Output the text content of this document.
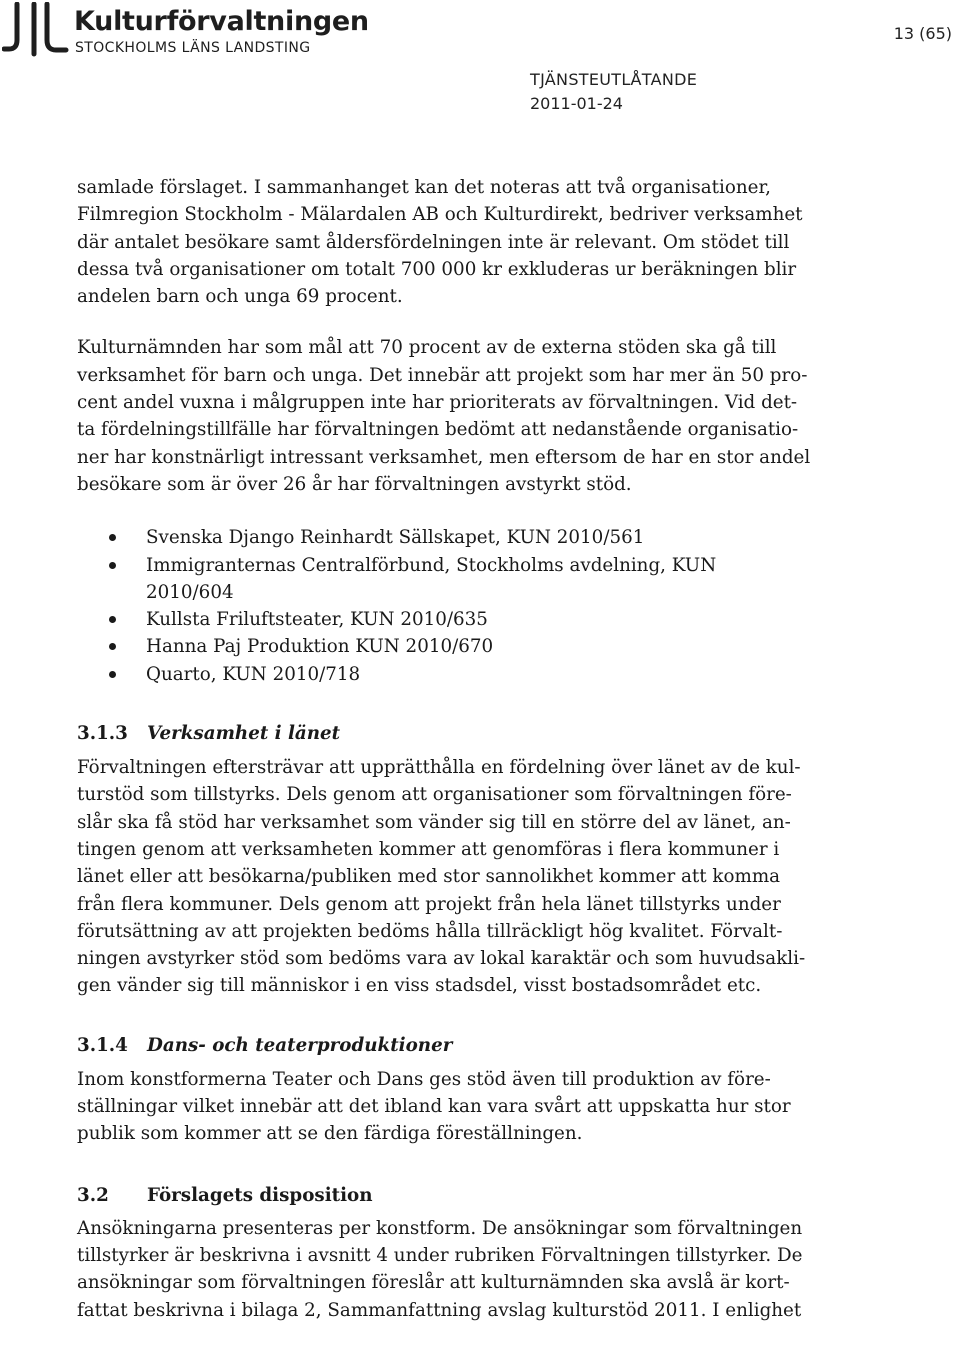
Kulturförvaltningen
STOCKHOLMS LÄNS LANDSTING
13 (65)
TJÄNSTEUTLÅTANDE
2011-01-24

samlade förslaget. I sammanhanget kan det noteras att två organisationer,
Filmregion Stockholm - Mälardalen AB och Kulturdirekt, bedriver verksamhet
där antalet besökare samt åldersfördelningen inte är relevant. Om stödet till
dessa två organisationer om totalt 700 000 kr exkluderas ur beräkningen blir
andelen barn och unga 69 procent.

Kulturnämnden har som mål att 70 procent av de externa stöden ska gå till
verksamhet för barn och unga. Det innebär att projekt som har mer än 50 pro-
cent andel vuxna i målgruppen inte har prioriterats av förvaltningen. Vid det-
ta fördelningstillfälle har förvaltningen bedömt att nedanstående organisatio-
ner har konstnärligt intressant verksamhet, men eftersom de har en stor andel
besökare som är över 26 år har förvaltningen avstyrkt stöd.

Svenska Django Reinhardt Sällskapet, KUN 2010/561
Immigranternas Centralförbund, Stockholms avdelning, KUN
2010/604
Kullsta Friluftsteater, KUN 2010/635
Hanna Paj Produktion KUN 2010/670
Quarto, KUN 2010/718
3.1.3 Verksamhet i länet

Förvaltningen eftersträvar att upprätthålla en fördelning över länet av de kul-
turstöd som tillstyrks. Dels genom att organisationer som förvaltningen före-
slår ska få stöd har verksamhet som vänder sig till en större del av länet, an-
tingen genom att verksamheten kommer att genomföras i flera kommuner i
länet eller att besökarna/publiken med stor sannolikhet kommer att komma
från flera kommuner. Dels genom att projekt från hela länet tillstyrks under
förutsättning av att projekten bedöms hålla tillräckligt hög kvalitet. Förvalt-
ningen avstyrker stöd som bedöms vara av lokal karaktär och som huvudsakli-
gen vänder sig till människor i en viss stadsdel, visst bostadsområdet etc.

3.1.4 Dans- och teaterproduktioner

Inom konstformerna Teater och Dans ges stöd även till produktion av före-
ställningar vilket innebär att det ibland kan vara svårt att uppskatta hur stor
publik som kommer att se den färdiga föreställningen.

3.2 Förslagets disposition

Ansökningarna presenteras per konstform. De ansökningar som förvaltningen
tillstyrker är beskrivna i avsnitt 4 under rubriken Förvaltningen tillstyrker. De
ansökningar som förvaltningen föreslår att kulturnämnden ska avslå är kort-
fattat beskrivna i bilaga 2, Sammanfattning avslag kulturstöd 2011. I enlighet
